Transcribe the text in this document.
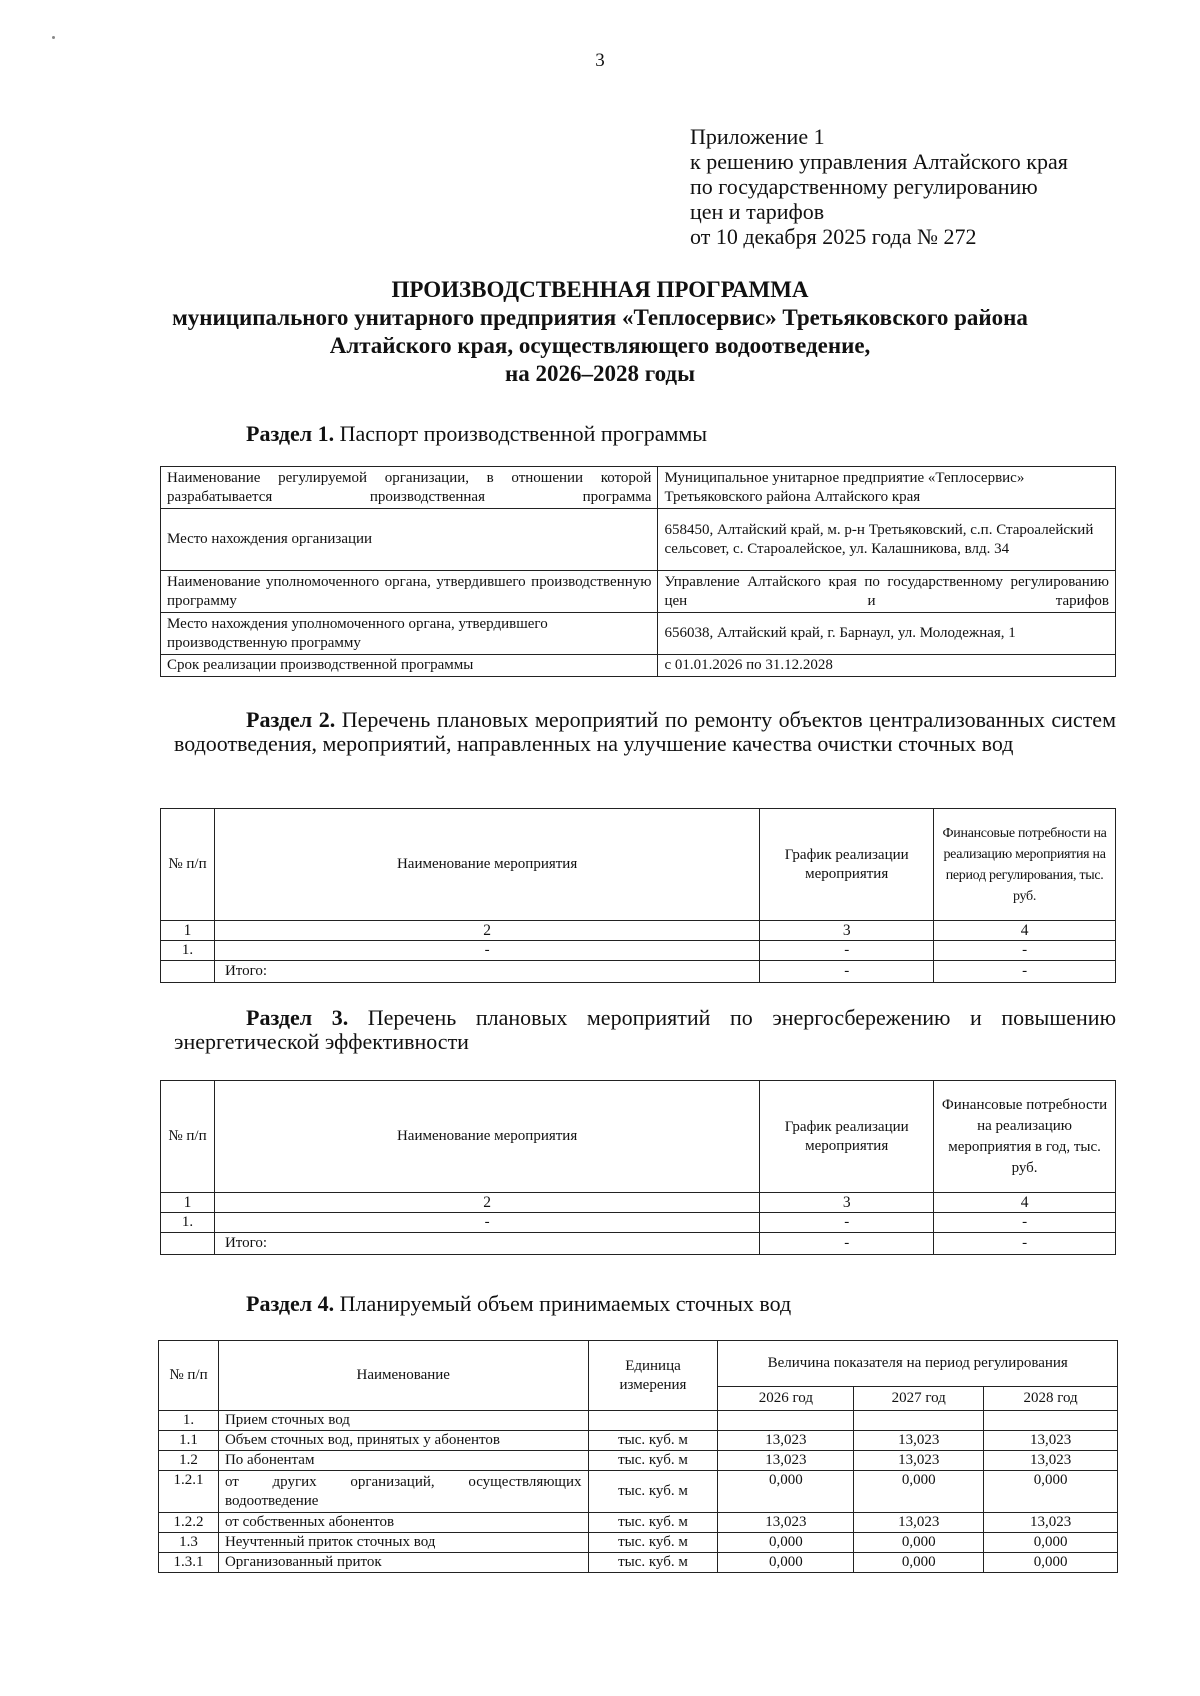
3
Приложение 1
к решению управления Алтайского края
по государственному регулированию
цен и тарифов
от 10 декабря 2025 года № 272
ПРОИЗВОДСТВЕННАЯ ПРОГРАММА
муниципального унитарного предприятия «Теплосервис» Третьяковского района
Алтайского края, осуществляющего водоотведение,
на 2026–2028 годы
Раздел 1. Паспорт производственной программы
Наименование регулируемой организации, в отношении которой разрабатывается производственная программа	Муниципальное унитарное предприятие «Теплосервис» Третьяковского района Алтайского края
Место нахождения организации	658450, Алтайский край, м. р-н Третьяковский, с.п. Староалейский сельсовет, с. Староалейское, ул. Калашникова, влд. 34
Наименование уполномоченного органа, утвердившего производственную программу	Управление Алтайского края по государственному регулированию цен и тарифов
Место нахождения уполномоченного органа, утвердившего производственную программу	656038, Алтайский край, г. Барнаул, ул. Молодежная, 1
Срок реализации производственной программы	с 01.01.2026 по 31.12.2028
Раздел 2. Перечень плановых мероприятий по ремонту объектов централизованных систем водоотведения, мероприятий, направленных на улучшение качества очистки сточных вод
№ п/п	Наименование мероприятия	График реализации мероприятия	Финансовые потребности на реализацию мероприятия на период регулирования, тыс. руб.
1	2	3	4
1.	-	-	-
	Итого:	-	-
Раздел 3. Перечень плановых мероприятий по энергосбережению и повышению энергетической эффективности
№ п/п	Наименование мероприятия	График реализации мероприятия	Финансовые потребности на реализацию мероприятия в год, тыс. руб.
1	2	3	4
1.	-	-	-
	Итого:	-	-
Раздел 4. Планируемый объем принимаемых сточных вод
№ п/п	Наименование	Единица измерения	Величина показателя на период регулирования		
			2026 год	2027 год	2028 год
1.	Прием сточных вод				
1.1	Объем сточных вод, принятых у абонентов	тыс. куб. м	13,023	13,023	13,023
1.2	По абонентам	тыс. куб. м	13,023	13,023	13,023
1.2.1	от других организаций, осуществляющих водоотведение	тыс. куб. м	0,000	0,000	0,000
1.2.2	от собственных абонентов	тыс. куб. м	13,023	13,023	13,023
1.3	Неучтенный приток сточных вод	тыс. куб. м	0,000	0,000	0,000
1.3.1	Организованный приток	тыс. куб. м	0,000	0,000	0,000
